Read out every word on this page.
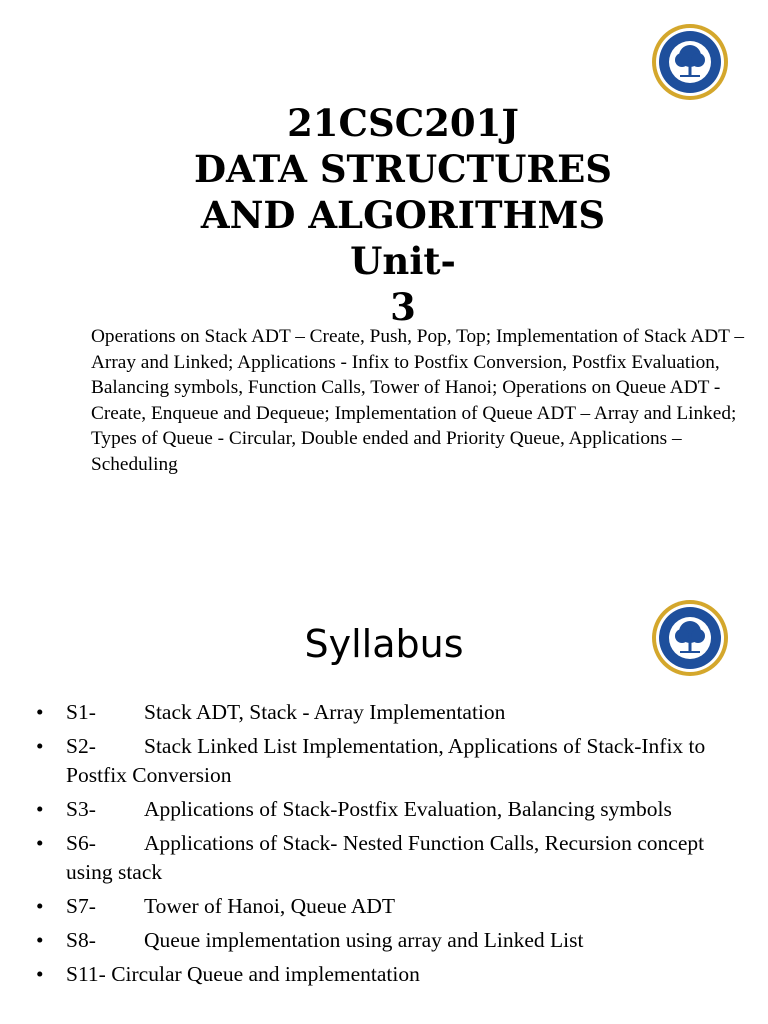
21CSC201J
DATA STRUCTURES
AND ALGORITHMS
Unit-
3

Operations on Stack ADT – Create, Push, Pop, Top; Implementation of Stack ADT – Array and Linked; Applications - Infix to Postfix Conversion, Postfix Evaluation, Balancing symbols, Function Calls, Tower of Hanoi; Operations on Queue ADT - Create, Enqueue and Dequeue; Implementation of Queue ADT – Array and Linked; Types of Queue - Circular, Double ended and Priority Queue, Applications – Scheduling

Syllabus
• S1- Stack ADT, Stack - Array Implementation
• S2- Stack Linked List Implementation, Applications of Stack-Infix to Postfix Conversion
• S3- Applications of Stack-Postfix Evaluation, Balancing symbols
• S6- Applications of Stack- Nested Function Calls, Recursion concept using stack
• S7- Tower of Hanoi, Queue ADT
• S8- Queue implementation using array and Linked List
• S11- Circular Queue and implementation
